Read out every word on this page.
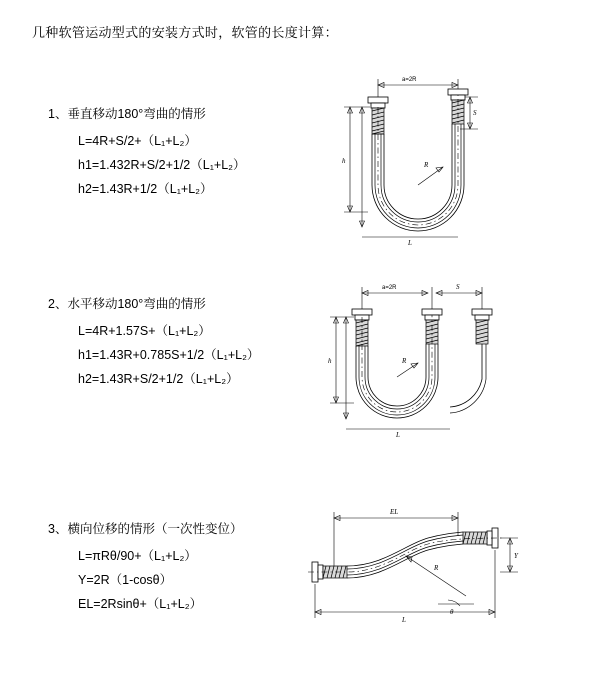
几种软管运动型式的安装方式时，软管的长度计算：
1、垂直移动180°弯曲的情形
L=4R+S/2+（L₁+L₂）
h1=1.432R+S/2+1/2（L₁+L₂）
h2=1.43R+1/2（L₁+L₂）
a=2R
S
R
h
L
2、水平移动180°弯曲的情形
L=4R+1.57S+（L₁+L₂）
h1=1.43R+0.785S+1/2（L₁+L₂）
h2=1.43R+S/2+1/2（L₁+L₂）
a=2R	S
R
h
L
3、横向位移的情形（一次性变位）
L=πRθ/90+（L₁+L₂）
Y=2R（1-cosθ）
EL=2Rsinθ+（L₁+L₂）
EL
R
θ
Y
L
